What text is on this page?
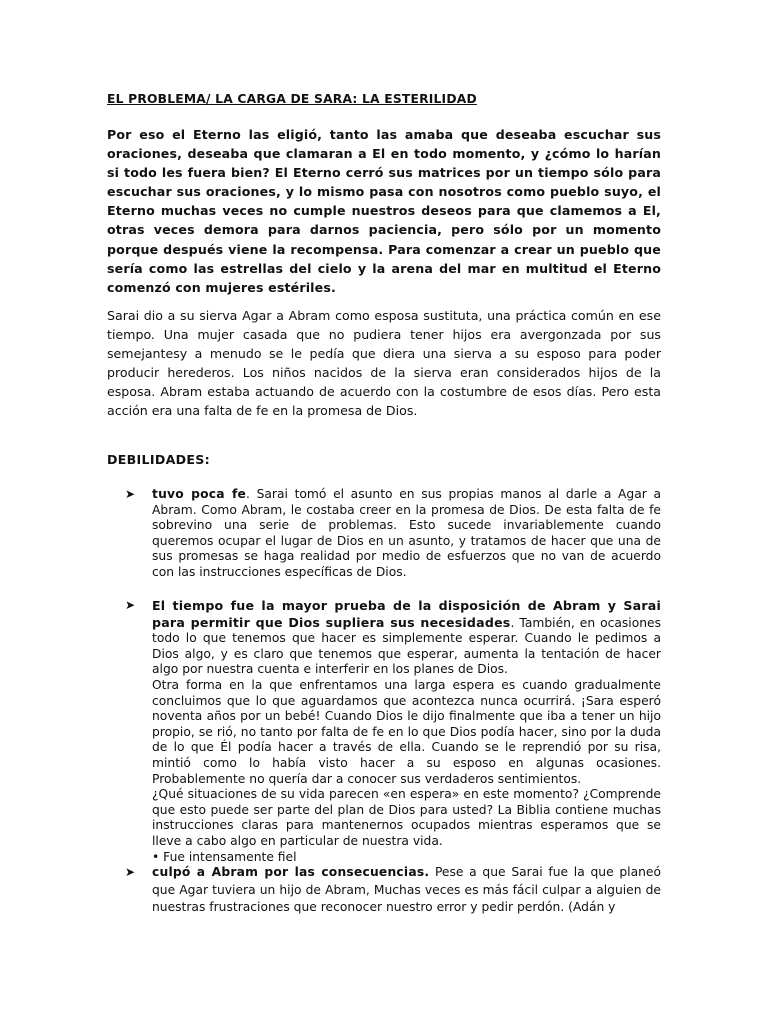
EL PROBLEMA/ LA CARGA DE SARA: LA ESTERILIDAD
Por eso el Eterno las eligió, tanto las amaba que deseaba escuchar sus oraciones, deseaba que clamaran a El en todo momento, y ¿cómo lo harían si todo les fuera bien? El Eterno cerró sus matrices por un tiempo sólo para escuchar sus oraciones, y lo mismo pasa con nosotros como pueblo suyo, el Eterno muchas veces no cumple nuestros deseos para que clamemos a El, otras veces demora para darnos paciencia, pero sólo por un momento porque después viene la recompensa. Para comenzar a crear un pueblo que sería como las estrellas del cielo y la arena del mar en multitud el Eterno comenzó con mujeres estériles.
Sarai dio a su sierva Agar a Abram como esposa sustituta, una práctica común en ese tiempo. Una mujer casada que no pudiera tener hijos era avergonzada por sus semejantesy a menudo se le pedía que diera una sierva a su esposo para poder producir herederos. Los niños nacidos de la sierva eran considerados hijos de la esposa. Abram estaba actuando de acuerdo con la costumbre de esos días. Pero esta acción era una falta de fe en la promesa de Dios.
DEBILIDADES:
➤ tuvo poca fe. Sarai tomó el asunto en sus propias manos al darle a Agar a Abram. Como Abram, le costaba creer en la promesa de Dios. De esta falta de fe sobrevino una serie de problemas. Esto sucede invariablemente cuando queremos ocupar el lugar de Dios en un asunto, y tratamos de hacer que una de sus promesas se haga realidad por medio de esfuerzos que no van de acuerdo con las instrucciones específicas de Dios.
➤ El tiempo fue la mayor prueba de la disposición de Abram y Sarai para permitir que Dios supliera sus necesidades. También, en ocasiones todo lo que tenemos que hacer es simplemente esperar. Cuando le pedimos a Dios algo, y es claro que tenemos que esperar, aumenta la tentación de hacer algo por nuestra cuenta e interferir en los planes de Dios.
Otra forma en la que enfrentamos una larga espera es cuando gradualmente concluimos que lo que aguardamos que acontezca nunca ocurrirá. ¡Sara esperó noventa años por un bebé! Cuando Dios le dijo finalmente que iba a tener un hijo propio, se rió, no tanto por falta de fe en lo que Dios podía hacer, sino por la duda de lo que Él podía hacer a través de ella. Cuando se le reprendió por su risa, mintió como lo había visto hacer a su esposo en algunas ocasiones. Probablemente no quería dar a conocer sus verdaderos sentimientos.
¿Qué situaciones de su vida parecen «en espera» en este momento? ¿Comprende que esto puede ser parte del plan de Dios para usted? La Biblia contiene muchas instrucciones claras para mantenernos ocupados mientras esperamos que se lleve a cabo algo en particular de nuestra vida.
• Fue intensamente fiel
➤ culpó a Abram por las consecuencias. Pese a que Sarai fue la que planeó que Agar tuviera un hijo de Abram, Muchas veces es más fácil culpar a alguien de nuestras frustraciones que reconocer nuestro error y pedir perdón. (Adán y
